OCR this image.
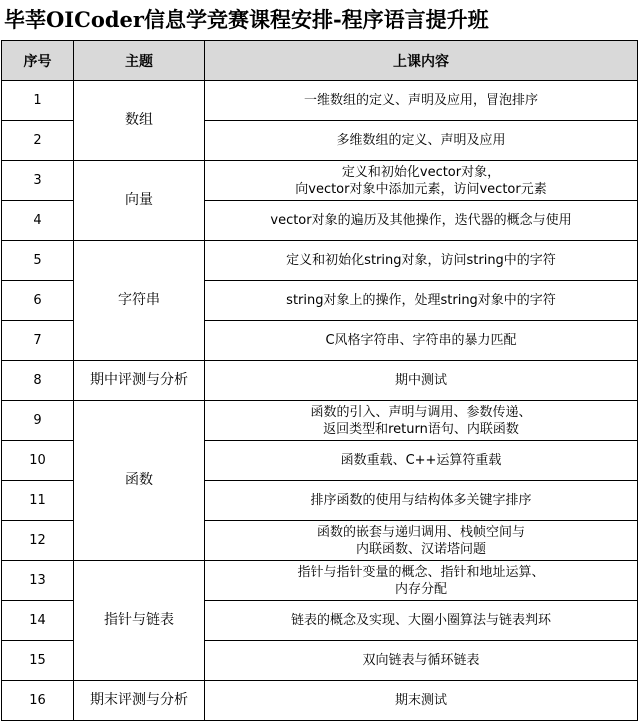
毕莘OICoder信息学竞赛课程安排-程序语言提升班
序号	主题	上课内容
1	数组	一维数组的定义、声明及应用，冒泡排序

2		多维数组的定义、声明及应用

3	向量	定义和初始化vector对象，
向vector对象中添加元素，访问vector元素

4		vector对象的遍历及其他操作，迭代器的概念与使用

5	字符串	定义和初始化string对象，访问string中的字符

6		string对象上的操作，处理string对象中的字符

7		C风格字符串、字符串的暴力匹配

8	期中评测与分析	期中测试

9	函数	函数的引入、声明与调用、参数传递、
返回类型和return语句、内联函数

10		函数重载、C++运算符重载

11		排序函数的使用与结构体多关键字排序

12		函数的嵌套与递归调用、栈帧空间与
内联函数、汉诺塔问题

13	指针与链表	指针与指针变量的概念、指针和地址运算、
内存分配

14		链表的概念及实现、大圈小圈算法与链表判环

15		双向链表与循环链表

16	期末评测与分析	期末测试
